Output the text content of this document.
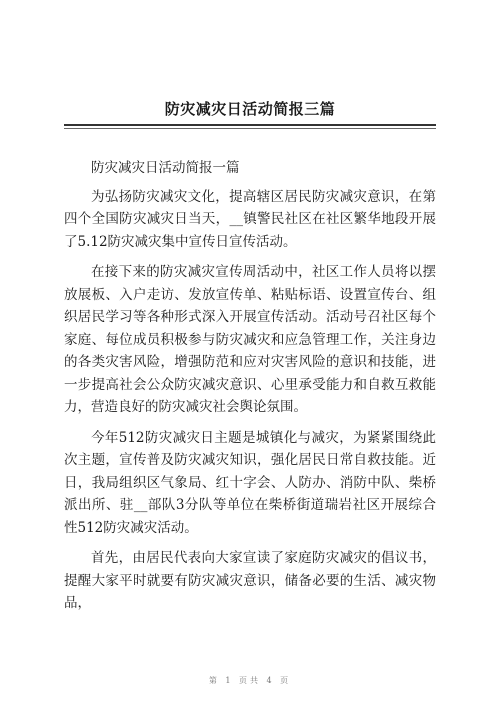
防灾减灾日活动简报三篇

防灾减灾日活动简报一篇

为弘扬防灾减灾文化，提高辖区居民防灾减灾意识，在第四个全国防灾减灾日当天，__镇警民社区在社区繁华地段开展了5.12防灾减灾集中宣传日宣传活动。

在接下来的防灾减灾宣传周活动中，社区工作人员将以摆放展板、入户走访、发放宣传单、粘贴标语、设置宣传台、组织居民学习等各种形式深入开展宣传活动。活动号召社区每个家庭、每位成员积极参与防灾减灾和应急管理工作，关注身边的各类灾害风险，增强防范和应对灾害风险的意识和技能，进一步提高社会公众防灾减灾意识、心里承受能力和自救互救能力，营造良好的防灾减灾社会舆论氛围。

今年512防灾减灾日主题是城镇化与减灾，为紧紧围绕此次主题，宣传普及防灾减灾知识，强化居民日常自救技能。近日，我局组织区气象局、红十字会、人防办、消防中队、柴桥派出所、驻__部队3分队等单位在柴桥街道瑞岩社区开展综合性512防灾减灾活动。

首先，由居民代表向大家宣读了家庭防灾减灾的倡议书，提醒大家平时就要有防灾减灾意识，储备必要的生活、减灾物品，

第 1 页共 4 页
